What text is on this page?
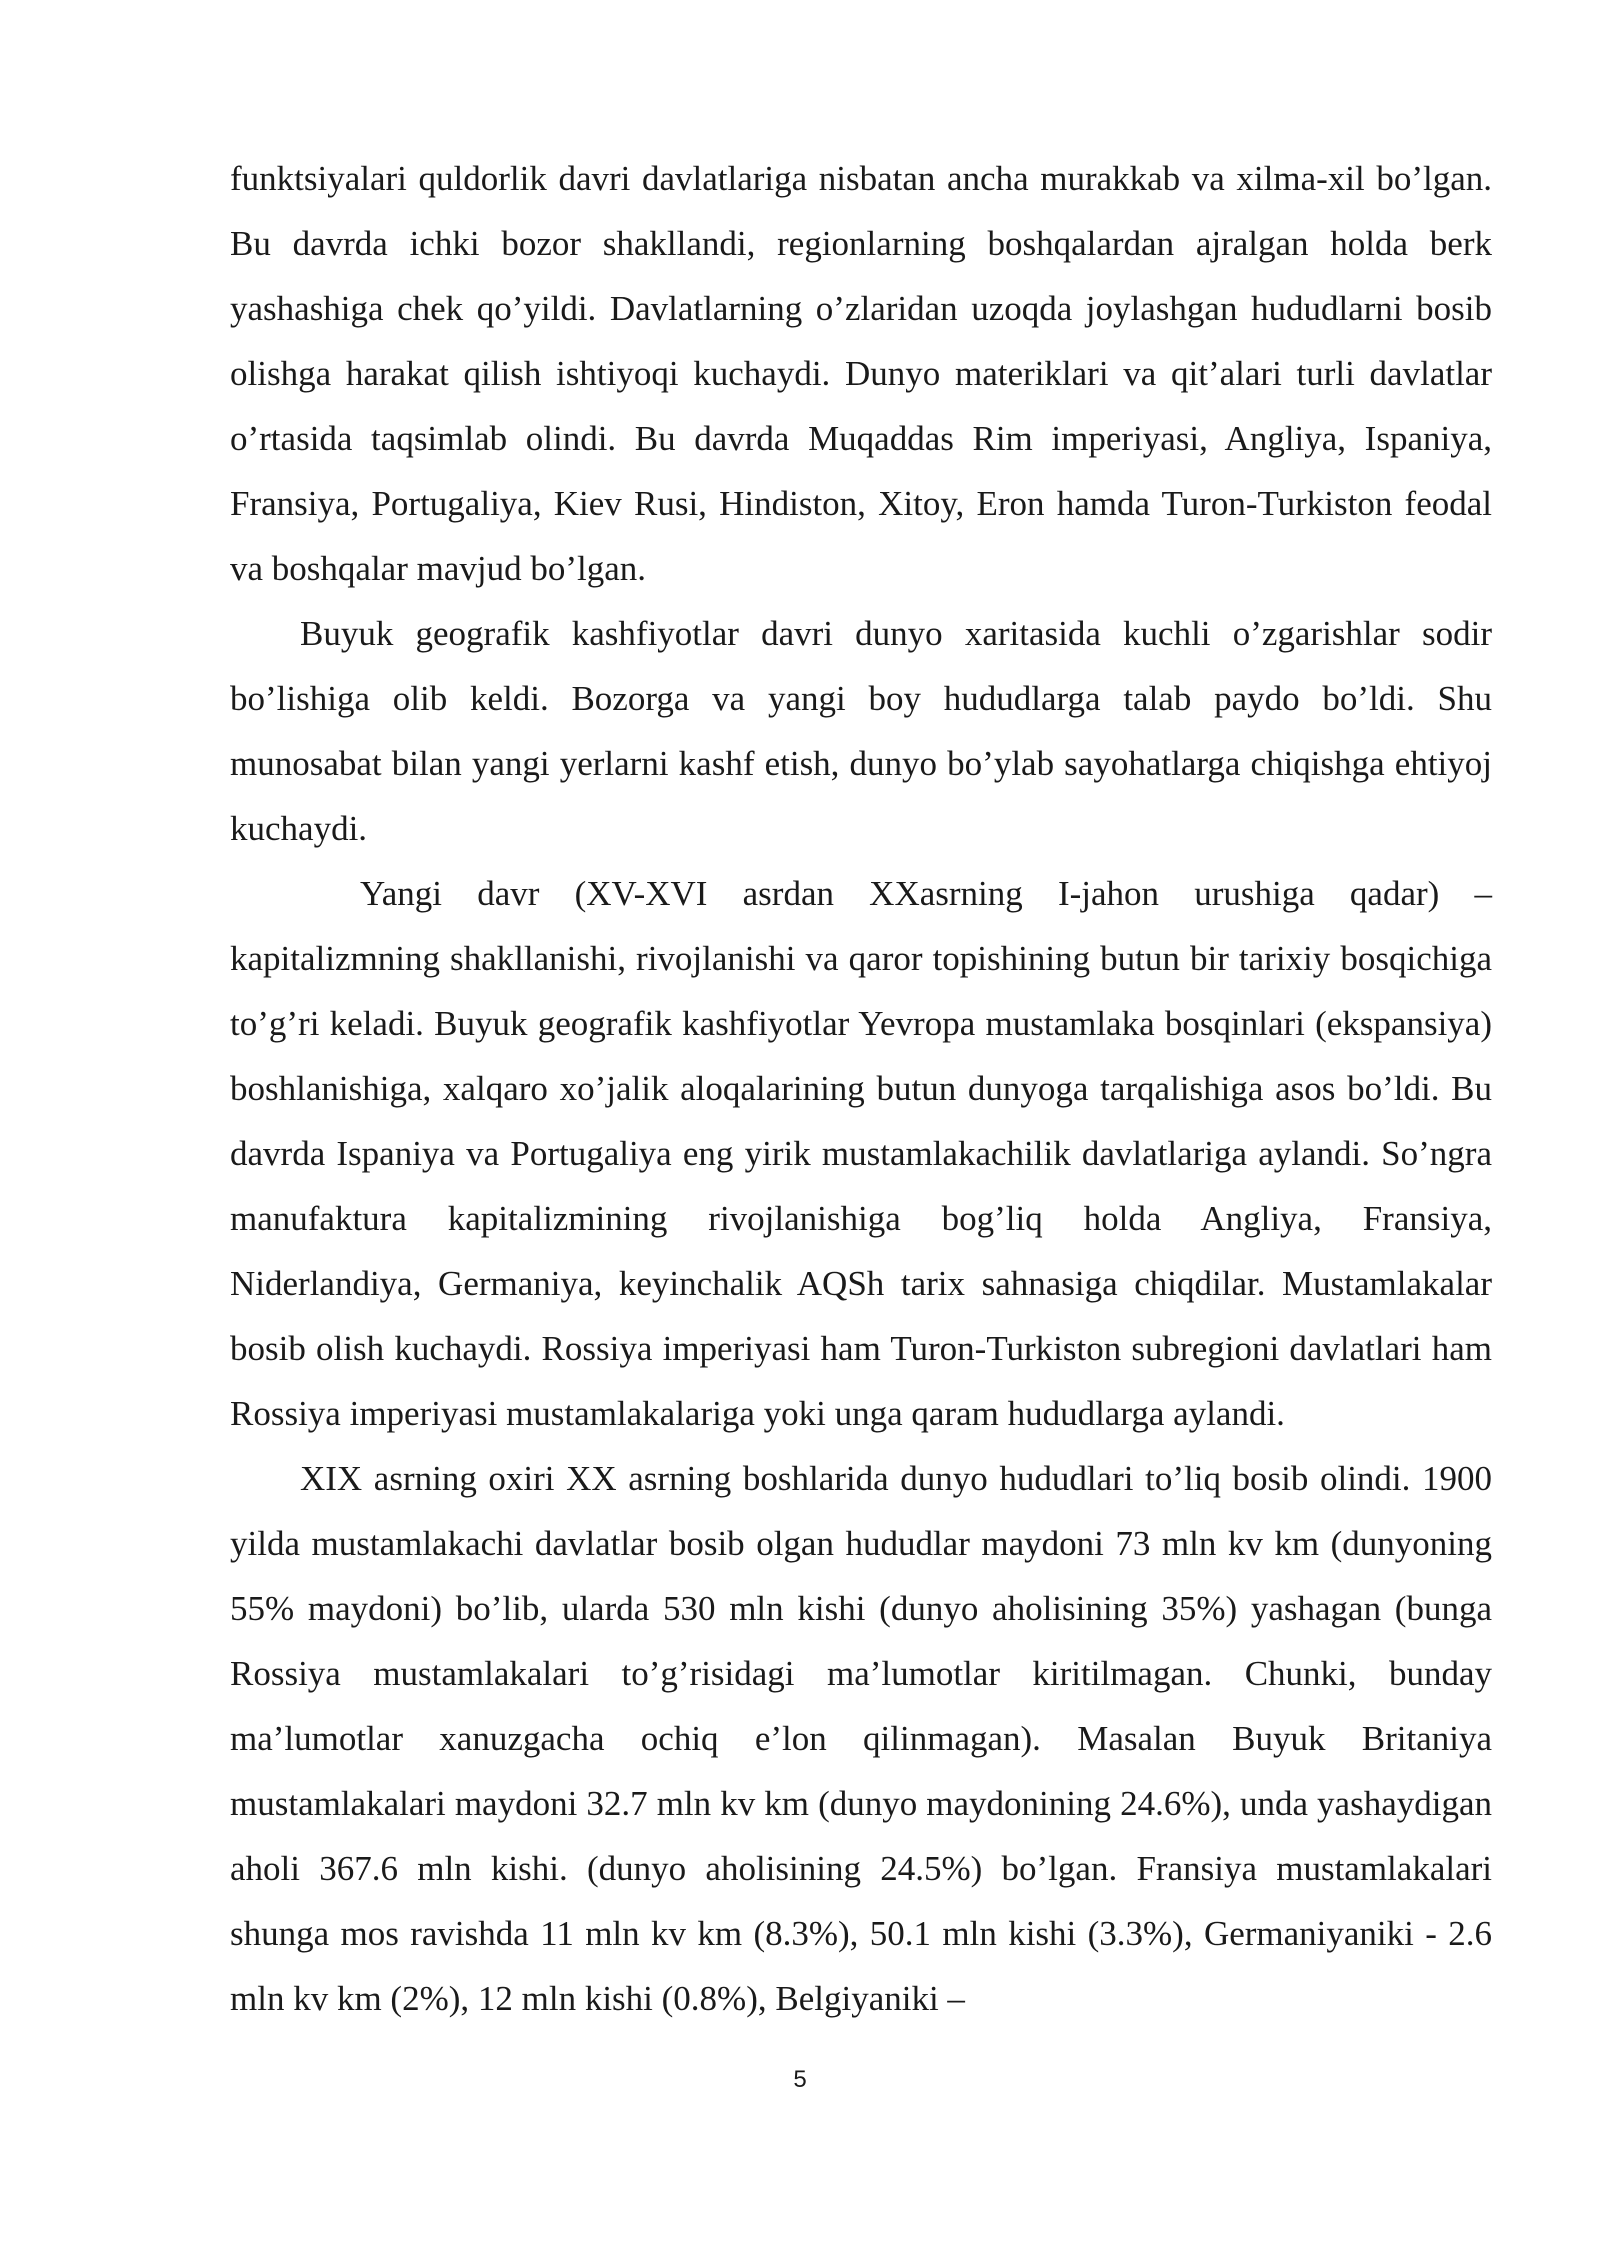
funktsiyalari quldorlik davri davlatlariga nisbatan ancha murakkab va xilma-xil bo’lgan. Bu davrda ichki bozor shakllandi, regionlarning boshqalardan ajralgan holda berk yashashiga chek qo’yildi. Davlatlarning o’zlaridan uzoqda joylashgan hududlarni bosib olishga harakat qilish ishtiyoqi kuchaydi. Dunyo materiklari va qit’alari turli davlatlar o’rtasida taqsimlab olindi. Bu davrda Muqaddas Rim imperiyasi, Angliya, Ispaniya, Fransiya, Portugaliya, Kiev Rusi, Hindiston, Xitoy, Eron hamda Turon-Turkiston feodal va boshqalar mavjud bo’lgan.

Buyuk geografik kashfiyotlar davri dunyo xaritasida kuchli o’zgarishlar sodir bo’lishiga olib keldi. Bozorga va yangi boy hududlarga talab paydo bo’ldi. Shu munosabat bilan yangi yerlarni kashf etish, dunyo bo’ylab sayohatlarga chiqishga ehtiyoj kuchaydi.

Yangi davr (XV-XVI asrdan XXasrning I-jahon urushiga qadar) – kapitalizmning shakllanishi, rivojlanishi va qaror topishining butun bir tarixiy bosqichiga to’g’ri keladi. Buyuk geografik kashfiyotlar Yevropa mustamlaka bosqinlari (ekspansiya) boshlanishiga, xalqaro xo’jalik aloqalarining butun dunyoga tarqalishiga asos bo’ldi. Bu davrda Ispaniya va Portugaliya eng yirik mustamlakachilik davlatlariga aylandi. So’ngra manufaktura kapitalizmining rivojlanishiga bog’liq holda Angliya, Fransiya, Niderlandiya, Germaniya, keyinchalik AQSh tarix sahnasiga chiqdilar. Mustamlakalar bosib olish kuchaydi. Rossiya imperiyasi ham Turon-Turkiston subregioni davlatlari ham Rossiya imperiyasi mustamlakalariga yoki unga qaram hududlarga aylandi.

XIX asrning oxiri XX asrning boshlarida dunyo hududlari to’liq bosib olindi. 1900 yilda mustamlakachi davlatlar bosib olgan hududlar maydoni 73 mln kv km (dunyoning 55% maydoni) bo’lib, ularda 530 mln kishi (dunyo aholisining 35%) yashagan (bunga Rossiya mustamlakalari to’g’risidagi ma’lumotlar kiritilmagan. Chunki, bunday ma’lumotlar xanuzgacha ochiq e’lon qilinmagan). Masalan Buyuk Britaniya mustamlakalari maydoni 32.7 mln kv km (dunyo maydonining 24.6%), unda yashaydigan aholi 367.6 mln kishi. (dunyo aholisining 24.5%) bo’lgan. Fransiya mustamlakalari shunga mos ravishda 11 mln kv km (8.3%), 50.1 mln kishi (3.3%), Germaniyaniki - 2.6 mln kv km (2%), 12 mln kishi (0.8%), Belgiyaniki –

5
